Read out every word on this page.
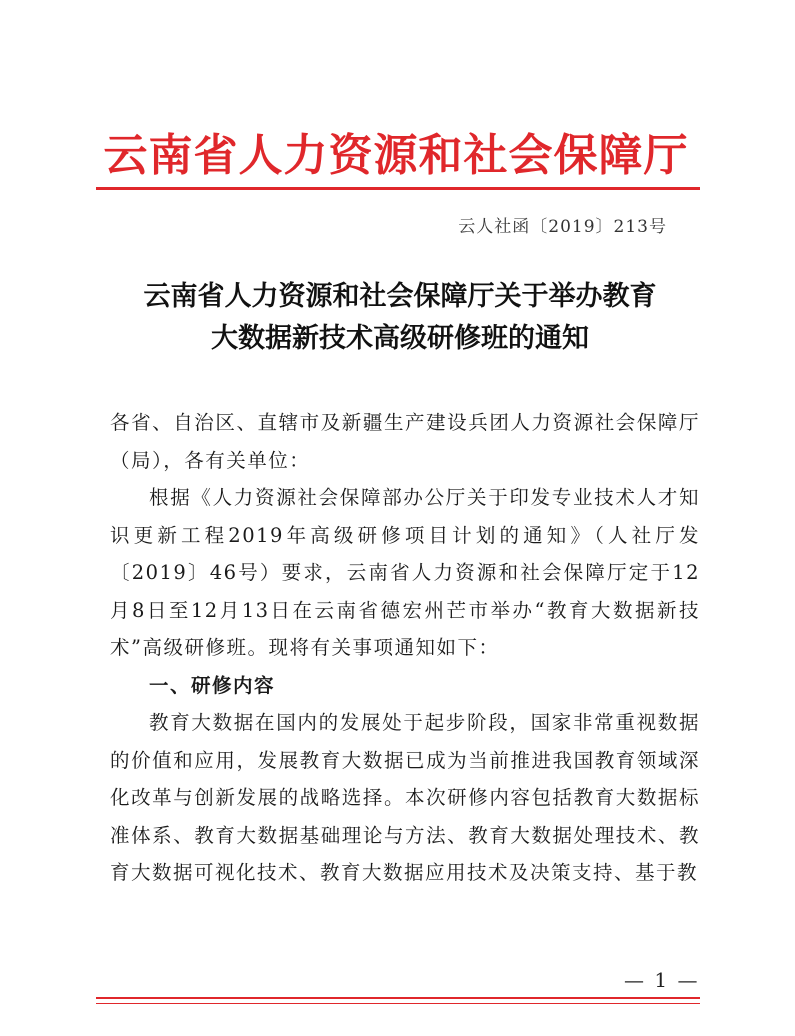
云南省人力资源和社会保障厅
云人社函〔2019〕213号
云南省人力资源和社会保障厅关于举办教育
大数据新技术高级研修班的通知

各省、自治区、直辖市及新疆生产建设兵团人力资源社会保障厅（局），各有关单位：

根据《人力资源社会保障部办公厅关于印发专业技术人才知识更新工程2019年高级研修项目计划的通知》（人社厅发〔2019〕46号）要求，云南省人力资源和社会保障厅定于12月8日至12月13日在云南省德宏州芒市举办“教育大数据新技术”高级研修班。现将有关事项通知如下：

一、研修内容

教育大数据在国内的发展处于起步阶段，国家非常重视数据的价值和应用，发展教育大数据已成为当前推进我国教育领域深化改革与创新发展的战略选择。本次研修内容包括教育大数据标准体系、教育大数据基础理论与方法、教育大数据处理技术、教育大数据可视化技术、教育大数据应用技术及决策支持、基于教

— 1 —
